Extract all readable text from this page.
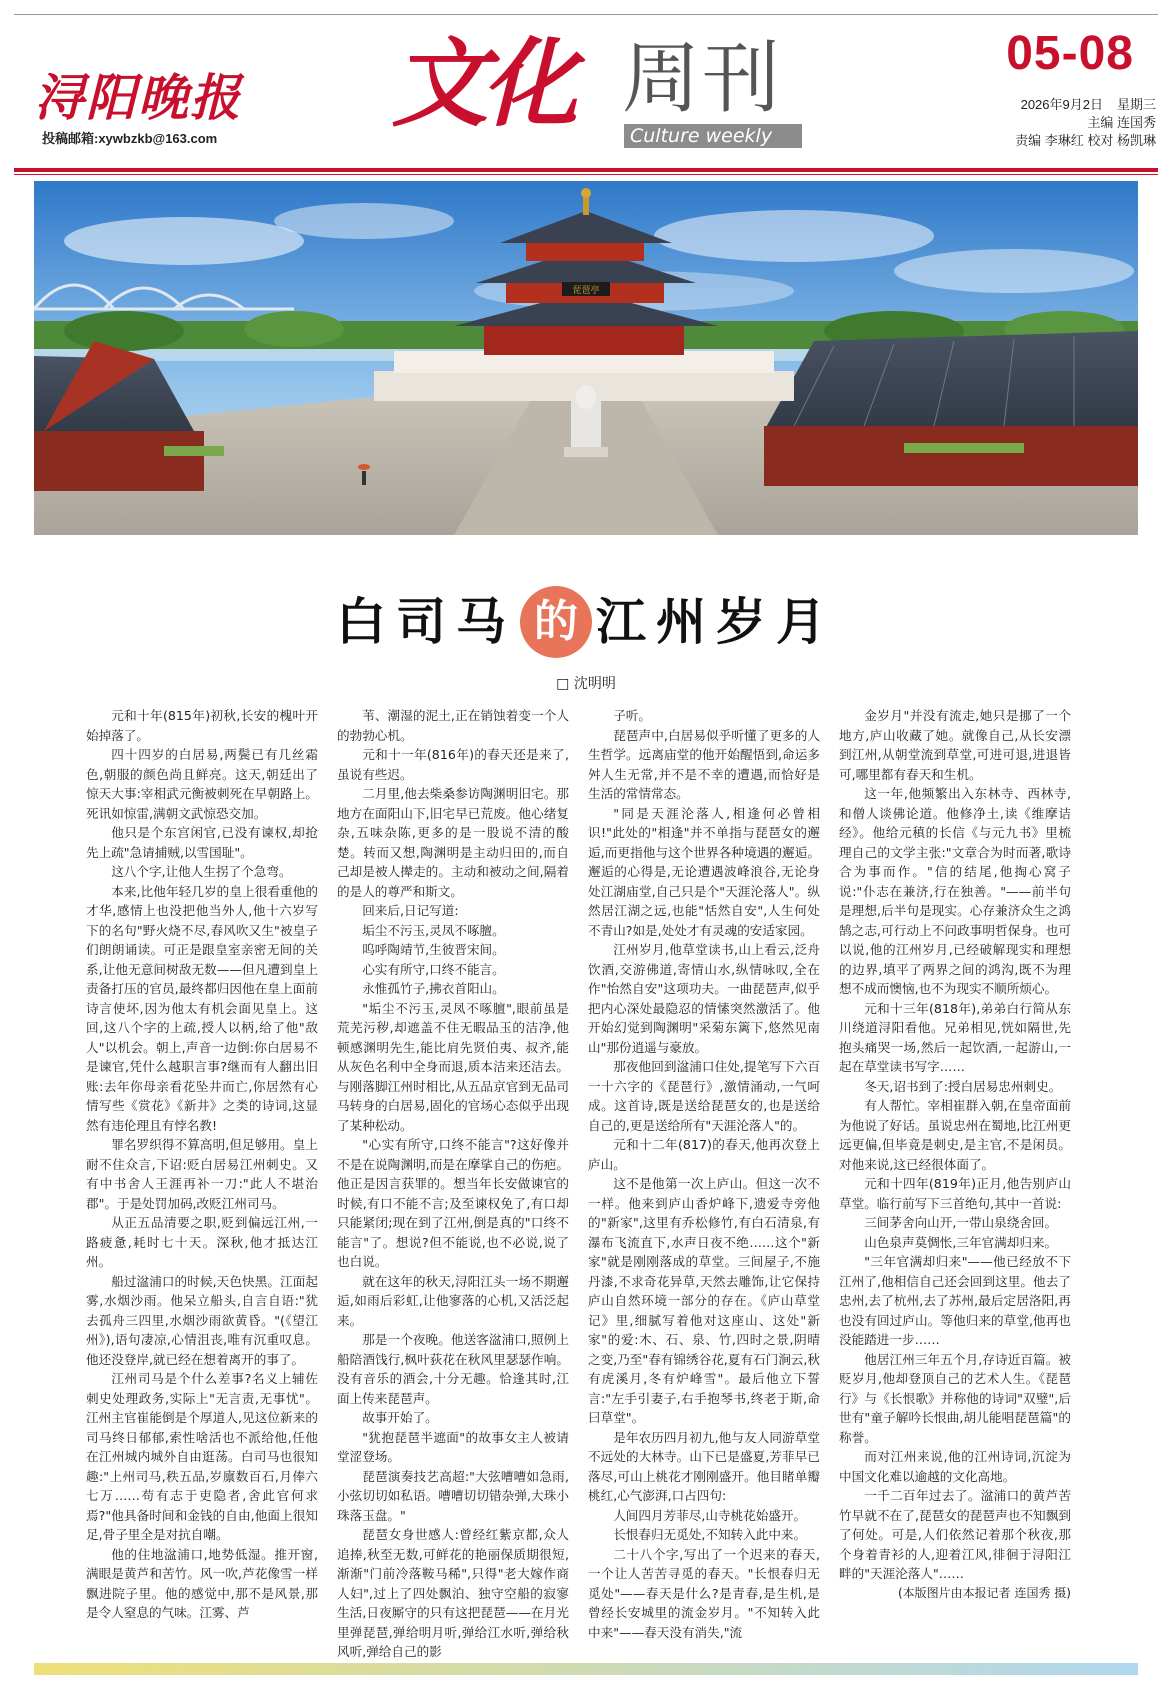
浔阳晚报
投稿邮箱:xywbzkb@163.com 文化 周刊
Culture weekly
05-08
2026年9月2日 星期三
主编 连国秀
责编 李琳红 校对 杨凯琳
琵琶亭
白司马 的 江州岁月
□ 沈明明

元和十年(815年)初秋,长安的槐叶开始掉落了。

四十四岁的白居易,两鬓已有几丝霜色,朝服的颜色尚且鲜亮。这天,朝廷出了惊天大事:宰相武元衡被刺死在早朝路上。死讯如惊雷,满朝文武惊恐交加。

他只是个东宫闲官,已没有谏权,却抢先上疏"急请捕贼,以雪国耻"。

这八个字,让他人生拐了个急弯。

本来,比他年轻几岁的皇上很看重他的才华,感情上也没把他当外人,他十六岁写下的名句"野火烧不尽,春风吹又生"被皇子们朗朗诵读。可正是跟皇室亲密无间的关系,让他无意间树敌无数——但凡遭到皇上责备打压的官员,最终都归因他在皇上面前诗言使坏,因为他太有机会面见皇上。这回,这八个字的上疏,授人以柄,给了他"敌人"以机会。朝上,声音一边倒:你白居易不是谏官,凭什么越职言事?继而有人翻出旧账:去年你母亲看花坠井而亡,你居然有心情写些《赏花》《新井》之类的诗词,这显然有违伦理且有悖名教!

罪名罗织得不算高明,但足够用。皇上耐不住众言,下诏:贬白居易江州刺史。又有中书舍人王涯再补一刀:"此人不堪治郡"。于是处罚加码,改贬江州司马。

从正五品清要之职,贬到偏远江州,一路疲惫,耗时七十天。深秋,他才抵达江州。

船过湓浦口的时候,天色快黑。江面起雾,水烟沙雨。他呆立船头,自言自语:"犹去孤舟三四里,水烟沙雨欲黄昏。"(《望江州》),语句凄凉,心情沮丧,唯有沉重叹息。他还没登岸,就已经在想着离开的事了。

江州司马是个什么差事?名义上辅佐刺史处理政务,实际上"无言责,无事忧"。江州主官崔能倒是个厚道人,见这位新来的司马终日郁郁,索性啥活也不派给他,任他在江州城内城外自由逛荡。白司马也很知趣:"上州司马,秩五品,岁廪数百石,月俸六七万……苟有志于吏隐者,舍此官何求焉?"他具备时间和金钱的自由,他面上很知足,骨子里全是对抗自嘲。

他的住地湓浦口,地势低湿。推开窗,满眼是黄芦和苦竹。风一吹,芦花像雪一样飘进院子里。他的感觉中,那不是风景,那是令人窒息的气味。江雾、芦

苇、潮湿的泥土,正在销蚀着变一个人的勃勃心机。

元和十一年(816年)的春天还是来了,虽说有些迟。

二月里,他去柴桑参访陶渊明旧宅。那地方在面阳山下,旧宅早已荒废。他心绪复杂,五味杂陈,更多的是一股说不清的酸楚。转而又想,陶渊明是主动归田的,而自己却是被人撵走的。主动和被动之间,隔着的是人的尊严和斯文。

回来后,日记写道:

垢尘不污玉,灵凤不啄膻。

呜呼陶靖节,生彼晋宋间。

心实有所守,口终不能言。

永惟孤竹子,拂衣首阳山。

"垢尘不污玉,灵凤不啄膻",眼前虽是荒芜污秽,却遮盖不住无暇品玉的洁净,他顿感渊明先生,能比肩先贤伯夷、叔齐,能从灰色名利中全身而退,质本洁来还洁去。与刚落脚江州时相比,从五品京官到无品司马转身的白居易,固化的官场心态似乎出现了某种松动。

"心实有所守,口终不能言"?这好像并不是在说陶渊明,而是在摩挲自己的伤疤。他正是因言获罪的。想当年长安做谏官的时候,有口不能不言;及至谏权免了,有口却只能紧闭;现在到了江州,倒是真的"口终不能言"了。想说?但不能说,也不必说,说了也白说。

就在这年的秋天,浔阳江头一场不期邂逅,如雨后彩虹,让他寥落的心机,又活泛起来。

那是一个夜晚。他送客湓浦口,照例上船陪酒饯行,枫叶荻花在秋风里瑟瑟作响。没有音乐的酒会,十分无趣。恰逢其时,江面上传来琵琶声。

故事开始了。

"犹抱琵琶半遮面"的故事女主人被请堂涩登场。

琵琶演奏技艺高超:"大弦嘈嘈如急雨,小弦切切如私语。嘈嘈切切错杂弹,大珠小珠落玉盘。"

琵琶女身世感人:曾经红紫京都,众人追捧,秋至无数,可鲜花的艳丽保质期很短,渐渐"门前冷落鞍马稀",只得"老大嫁作商人妇",过上了四处飘泊、独守空船的寂寥生活,日夜厮守的只有这把琵琶——在月光里弹琵琶,弹给明月听,弹给江水听,弹给秋风听,弹给自己的影

子听。

琵琶声中,白居易似乎听懂了更多的人生哲学。远离庙堂的他开始醒悟到,命运多舛人生无常,并不是不幸的遭遇,而恰好是生活的常情常态。

"同是天涯沦落人,相逢何必曾相识!"此处的"相逢"并不单指与琵琶女的邂逅,而更指他与这个世界各种境遇的邂逅。邂逅的心得是,无论遭遇波峰浪谷,无论身处江湖庙堂,自己只是个"天涯沦落人"。纵然居江湖之远,也能"恬然自安",人生何处不青山?如是,处处才有灵魂的安适家园。

江州岁月,他草堂读书,山上看云,泛舟饮酒,交游佛道,寄情山水,纵情咏叹,全在作"怡然自安"这项功夫。一曲琵琶声,似乎把内心深处最隐忍的情愫突然激活了。他开始幻觉到陶渊明"采菊东篱下,悠然见南山"那份逍遥与豪放。

那夜他回到湓浦口住处,提笔写下六百一十六字的《琵琶行》,激情涌动,一气呵成。这首诗,既是送给琵琶女的,也是送给自己的,更是送给所有"天涯沦落人"的。

元和十二年(817)的春天,他再次登上庐山。

这不是他第一次上庐山。但这一次不一样。他来到庐山香炉峰下,遗爱寺旁他的"新家",这里有乔松修竹,有白石清泉,有瀑布飞流直下,水声日夜不绝……这个"新家"就是刚刚落成的草堂。三间屋子,不施丹漆,不求奇花异草,天然去雕饰,让它保持庐山自然环境一部分的存在。《庐山草堂记》里,细腻写着他对这座山、这处"新家"的爱:木、石、泉、竹,四时之景,阴晴之变,乃至"春有锦绣谷花,夏有石门涧云,秋有虎溪月,冬有炉峰雪"。最后他立下誓言:"左手引妻子,右手抱琴书,终老于斯,命曰草堂"。

是年农历四月初九,他与友人同游草堂不远处的大林寺。山下已是盛夏,芳菲早已落尽,可山上桃花才刚刚盛开。他目睹单瓣桃红,心气澎湃,口占四句:

人间四月芳菲尽,山寺桃花始盛开。

长恨春归无觅处,不知转入此中来。

二十八个字,写出了一个迟来的春天,一个让人苦苦寻觅的春天。"长恨春归无觅处"——春天是什么?是青春,是生机,是曾经长安城里的流金岁月。"不知转入此中来"——春天没有消失,"流

金岁月"并没有流走,她只是挪了一个地方,庐山收藏了她。就像自己,从长安漂到江州,从朝堂流到草堂,可进可退,进退皆可,哪里都有春天和生机。

这一年,他频繁出入东林寺、西林寺,和僧人谈佛论道。他修净土,读《维摩诘经》。他给元稹的长信《与元九书》里梳理自己的文学主张:"文章合为时而著,歌诗合为事而作。"信的结尾,他掏心窝子说:"仆志在兼济,行在独善。"——前半句是理想,后半句是现实。心存兼济众生之鸿鹄之志,可行动上不问政事明哲保身。也可以说,他的江州岁月,已经破解现实和理想的边界,填平了两界之间的鸿沟,既不为理想不成而懊恼,也不为现实不顺所烦心。

元和十三年(818年),弟弟白行简从东川绕道浔阳看他。兄弟相见,恍如隔世,先抱头痛哭一场,然后一起饮酒,一起游山,一起在草堂读书写字……

冬天,诏书到了:授白居易忠州刺史。

有人帮忙。宰相崔群入朝,在皇帝面前为他说了好话。虽说忠州在蜀地,比江州更远更偏,但毕竟是刺史,是主官,不是闲员。对他来说,这已经很体面了。

元和十四年(819年)正月,他告别庐山草堂。临行前写下三首绝句,其中一首说:

三间茅舍向山开,一带山泉绕舍回。

山色泉声莫惆怅,三年官满却归来。

"三年官满却归来"——他已经放不下江州了,他相信自己还会回到这里。他去了忠州,去了杭州,去了苏州,最后定居洛阳,再也没有回过庐山。等他归来的草堂,他再也没能踏进一步……

他居江州三年五个月,存诗近百篇。被贬岁月,他却登顶自己的艺术人生。《琵琶行》与《长恨歌》并称他的诗词"双璧",后世有"童子解吟长恨曲,胡儿能唱琵琶篇"的称誉。

而对江州来说,他的江州诗词,沉淀为中国文化难以逾越的文化高地。

一千二百年过去了。湓浦口的黄芦苦竹早就不在了,琵琶女的琵琶声也不知飘到了何处。可是,人们依然记着那个秋夜,那个身着青衫的人,迎着江风,徘徊于浔阳江畔的"天涯沦落人"……

(本版图片由本报记者 连国秀 摄)
